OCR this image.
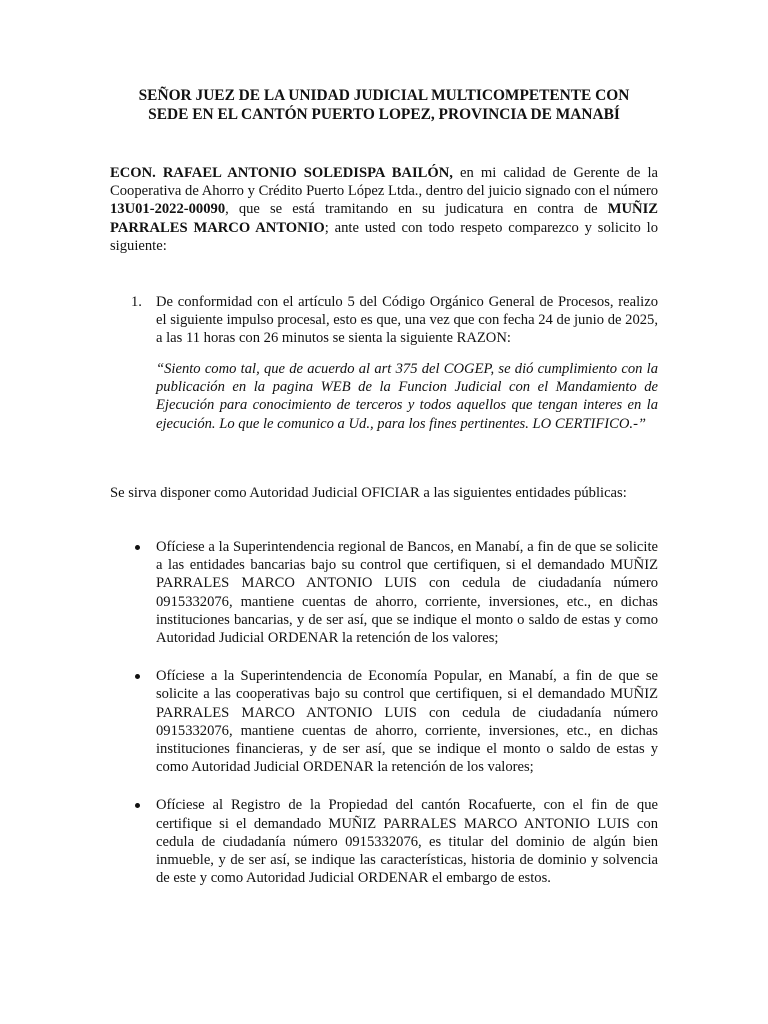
SEÑOR JUEZ DE LA UNIDAD JUDICIAL MULTICOMPETENTE CON
SEDE EN EL CANTÓN PUERTO LOPEZ, PROVINCIA DE MANABÍ
ECON. RAFAEL ANTONIO SOLEDISPA BAILÓN, en mi calidad de Gerente de la Cooperativa de Ahorro y Crédito Puerto López Ltda., dentro del juicio signado con el número 13U01-2022-00090, que se está tramitando en su judicatura en contra de MUÑIZ PARRALES MARCO ANTONIO; ante usted con todo respeto comparezco y solicito lo siguiente:
1. De conformidad con el artículo 5 del Código Orgánico General de Procesos, realizo el siguiente impulso procesal, esto es que, una vez que con fecha 24 de junio de 2025, a las 11 horas con 26 minutos se sienta la siguiente RAZON:
“Siento como tal, que de acuerdo al art 375 del COGEP, se dió cumplimiento con la publicación en la pagina WEB de la Funcion Judicial con el Mandamiento de Ejecución para conocimiento de terceros y todos aquellos que tengan interes en la ejecución. Lo que le comunico a Ud., para los fines pertinentes. LO CERTIFICO.-”
Se sirva disponer como Autoridad Judicial OFICIAR a las siguientes entidades públicas:
Ofíciese a la Superintendencia regional de Bancos, en Manabí, a fin de que se solicite a las entidades bancarias bajo su control que certifiquen, si el demandado MUÑIZ PARRALES MARCO ANTONIO LUIS con cedula de ciudadanía número 0915332076, mantiene cuentas de ahorro, corriente, inversiones, etc., en dichas instituciones bancarias, y de ser así, que se indique el monto o saldo de estas y como Autoridad Judicial ORDENAR la retención de los valores;
Ofíciese a la Superintendencia de Economía Popular, en Manabí, a fin de que se solicite a las cooperativas bajo su control que certifiquen, si el demandado MUÑIZ PARRALES MARCO ANTONIO LUIS con cedula de ciudadanía número 0915332076, mantiene cuentas de ahorro, corriente, inversiones, etc., en dichas instituciones financieras, y de ser así, que se indique el monto o saldo de estas y como Autoridad Judicial ORDENAR la retención de los valores;
Ofíciese al Registro de la Propiedad del cantón Rocafuerte, con el fin de que certifique si el demandado MUÑIZ PARRALES MARCO ANTONIO LUIS con cedula de ciudadanía número 0915332076, es titular del dominio de algún bien inmueble, y de ser así, se indique las características, historia de dominio y solvencia de este y como Autoridad Judicial ORDENAR el embargo de estos.
